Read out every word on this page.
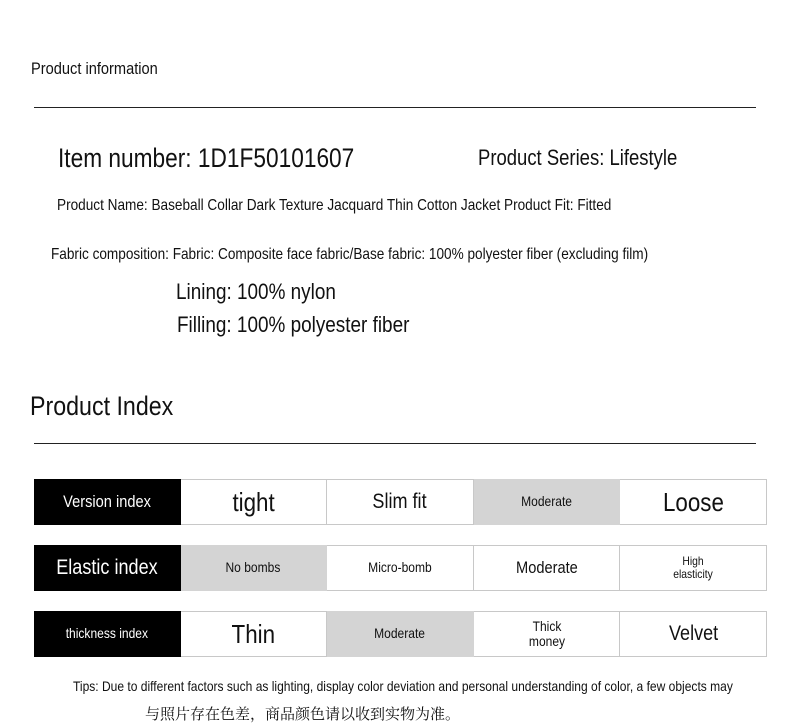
Product information
Item number: 1D1F50101607	Product Series: Lifestyle
Product Name: Baseball Collar Dark Texture Jacquard Thin Cotton Jacket Product Fit: Fitted
Fabric composition: Fabric: Composite face fabric/Base fabric: 100% polyester fiber (excluding film)
Lining: 100% nylon
Filling: 100% polyester fiber
Product Index
Version index	tight	Slim fit	Moderate	Loose
Elastic index	No bombs	Micro-bomb	Moderate	High elasticity
thickness index	Thin	Moderate	Thick money	Velvet
Tips: Due to different factors such as lighting, display color deviation and personal understanding of color, a few objects may
与照片存在色差，商品颜色请以收到实物为准。
